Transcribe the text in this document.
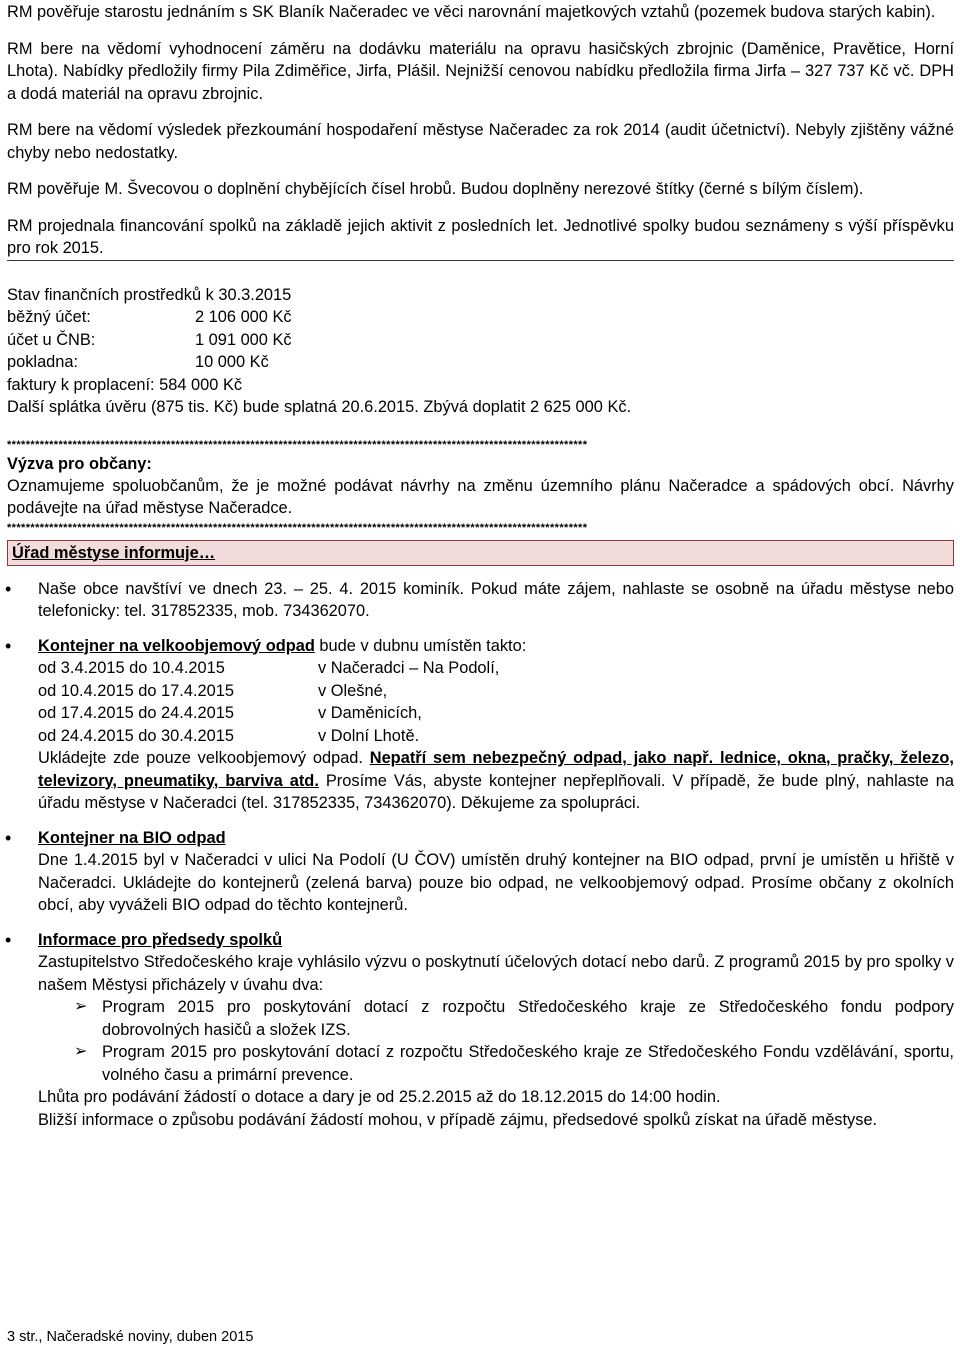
RM pověřuje starostu jednáním s SK Blaník Načeradec ve věci narovnání majetkových vztahů (pozemek budova starých kabin).

RM bere na vědomí vyhodnocení záměru na dodávku materiálu na opravu hasičských zbrojnic (Daměnice, Pravětice, Horní Lhota). Nabídky předložily firmy Pila Zdiměřice, Jirfa, Plášil. Nejnižší cenovou nabídku předložila firma Jirfa – 327 737 Kč vč. DPH a dodá materiál na opravu zbrojnic.

RM bere na vědomí výsledek přezkoumání hospodaření městyse Načeradec za rok 2014 (audit účetnictví). Nebyly zjištěny vážné chyby nebo nedostatky.

RM pověřuje M. Švecovou o doplnění chybějících čísel hrobů. Budou doplněny nerezové štítky (černé s bílým číslem).

RM projednala financování spolků na základě jejich aktivit z posledních let. Jednotlivé spolky budou seznámeny s výší příspěvku pro rok 2015.

Stav finančních prostředků k 30.3.2015

běžný účet:	2 106 000 Kč

účet u ČNB:	1 091 000 Kč

pokladna:	10 000 Kč

faktury k proplacení: 584 000 Kč

Další splátka úvěru (875 tis. Kč) bude splatná 20.6.2015. Zbývá doplatit 2 625 000 Kč.

****************************************************************************************************************************

Výzva pro občany:

Oznamujeme spoluobčanům, že je možné podávat návrhy na změnu územního plánu Načeradce a spádových obcí. Návrhy podávejte na úřad městyse Načeradce.

****************************************************************************************************************************
Úřad městyse informuje…

• Naše obce navštíví ve dnech 23. – 25. 4. 2015 kominík. Pokud máte zájem, nahlaste se osobně na úřadu městyse nebo telefonicky: tel. 317852335, mob. 734362070.

• Kontejner na velkoobjemový odpad bude v dubnu umístěn takto:

od 3.4.2015 do 10.4.2015	v Načeradci – Na Podolí,

od 10.4.2015 do 17.4.2015	v Olešné,

od 17.4.2015 do 24.4.2015	v Daměnicích,

od 24.4.2015 do 30.4.2015	v Dolní Lhotě.

Ukládejte zde pouze velkoobjemový odpad. Nepatří sem nebezpečný odpad, jako např. lednice, okna, pračky, železo, televizory, pneumatiky, barviva atd. Prosíme Vás, abyste kontejner nepřeplňovali. V případě, že bude plný, nahlaste na úřadu městyse v Načeradci (tel. 317852335, 734362070). Děkujeme za spolupráci.

• Kontejner na BIO odpad

Dne 1.4.2015 byl v Načeradci v ulici Na Podolí (U ČOV) umístěn druhý kontejner na BIO odpad, první je umístěn u hřiště v Načeradci. Ukládejte do kontejnerů (zelená barva) pouze bio odpad, ne velkoobjemový odpad. Prosíme občany z okolních obcí, aby vyváželi BIO odpad do těchto kontejnerů.

• Informace pro předsedy spolků

Zastupitelstvo Středočeského kraje vyhlásilo výzvu o poskytnutí účelových dotací nebo darů. Z programů 2015 by pro spolky v našem Městysi přicházely v úvahu dva:

➢ Program 2015 pro poskytování dotací z rozpočtu Středočeského kraje ze Středočeského fondu podpory dobrovolných hasičů a složek IZS.

➢ Program 2015 pro poskytování dotací z rozpočtu Středočeského kraje ze Středočeského Fondu vzdělávání, sportu, volného času a primární prevence.

Lhůta pro podávání žádostí o dotace a dary je od 25.2.2015 až do 18.12.2015 do 14:00 hodin.

Bližší informace o způsobu podávání žádostí mohou, v případě zájmu, předsedové spolků získat na úřadě městyse.

3 str., Načeradské noviny, duben 2015
